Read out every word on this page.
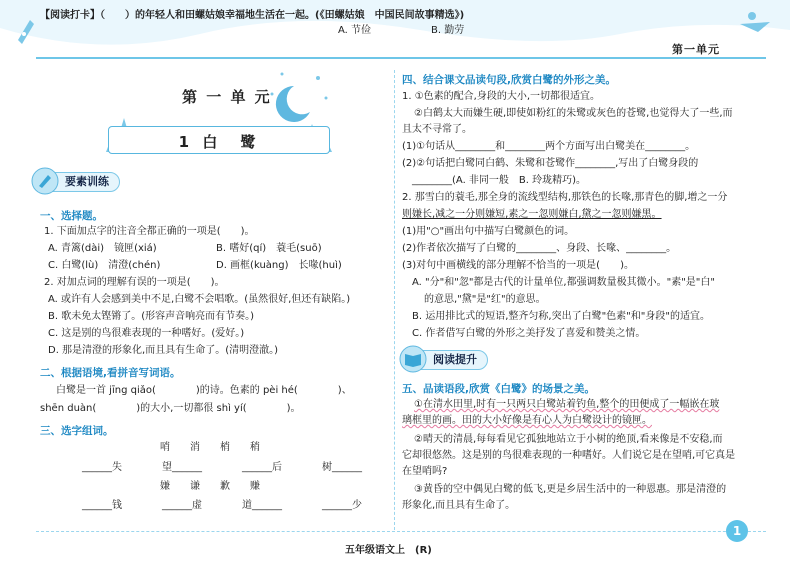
【阅读打卡】（　　）的年轻人和田螺姑娘幸福地生活在一起。(《田螺姑娘　中国民间故事精选》)
A. 节俭　　　　　　B. 勤劳
第一单元
第 一 单 元
1 白　鹭
要素训练
一、选择题。
1. 下面加点字的注音全都正确的一项是(　　)。
A. 青篱(dài)　镜匣(xiá)	B. 嗜好(qí)　蓑毛(suō)
C. 白鹭(lù)　清澄(chén)	D. 画框(kuàng)　长喙(huì)
2. 对加点词的理解有误的一项是(　　)。
A. 或许有人会感到美中不足,白鹭不会唱歌。(虽然很好,但还有缺陷。)
B. 歌未免太铿锵了。(形容声音响亮而有节奏。)
C. 这是别的鸟很难表现的一种嗜好。(爱好。)
D. 那是清澄的形象化,而且具有生命了。(清明澄澈。)
二、根据语境,看拼音写词语。
白鹭是一首 jīng qiǎo(　　　　)的诗。色素的 pèi hé(　　　　)、
shēn duàn(　　　　)的大小,一切都很 shì yí(　　　　)。
三、选字组词。
哨　　消　　梢　　稍
______失　　　　望______　　　　______后　　　　树______
嫌　　谦　　歉　　赚
______钱　　　　______虚　　　　道______　　　　______少
四、结合课文品读句段,欣赏白鹭的外形之美。
1. ①色素的配合,身段的大小,一切都很适宜。
②白鹤太大而嫌生硬,即使如粉红的朱鹭或灰色的苍鹭,也觉得大了一些,而
且太不寻常了。
(1)①句话从________和________两个方面写出白鹭美在________。
(2)②句话把白鹭同白鹤、朱鹭和苍鹭作________,写出了白鹭身段的
________(A. 非同一般　B. 玲珑精巧)。
2. 那雪白的蓑毛,那全身的流线型结构,那铁色的长喙,那青色的脚,增之一分
则嫌长,减之一分则嫌短,素之一忽则嫌白,黛之一忽则嫌黑。
(1)用"○"画出句中描写白鹭颜色的词。
(2)作者依次描写了白鹭的________、身段、长喙、________。
(3)对句中画横线的部分理解不恰当的一项是(　　)。
A. "分"和"忽"都是古代的计量单位,都强调数量极其微小。"素"是"白"
的意思,"黛"是"红"的意思。
B. 运用排比式的短语,整齐匀称,突出了白鹭"色素"和"身段"的适宜。
C. 作者借写白鹭的外形之美抒发了喜爱和赞美之情。
阅读提升
五、品读语段,欣赏《白鹭》的场景之美。
①在清水田里,时有一只两只白鹭站着钓鱼,整个的田便成了一幅嵌在玻
璃框里的画。田的大小好像是有心人为白鹭设计的镜匣。
②晴天的清晨,每每看见它孤独地站立于小树的绝顶,看来像是不安稳,而
它却很悠然。这是别的鸟很难表现的一种嗜好。人们说它是在望哨,可它真是
在望哨吗?
③黄昏的空中偶见白鹭的低飞,更是乡居生活中的一种恩惠。那是清澄的
形象化,而且具有生命了。
1
五年级语文上　(R)
